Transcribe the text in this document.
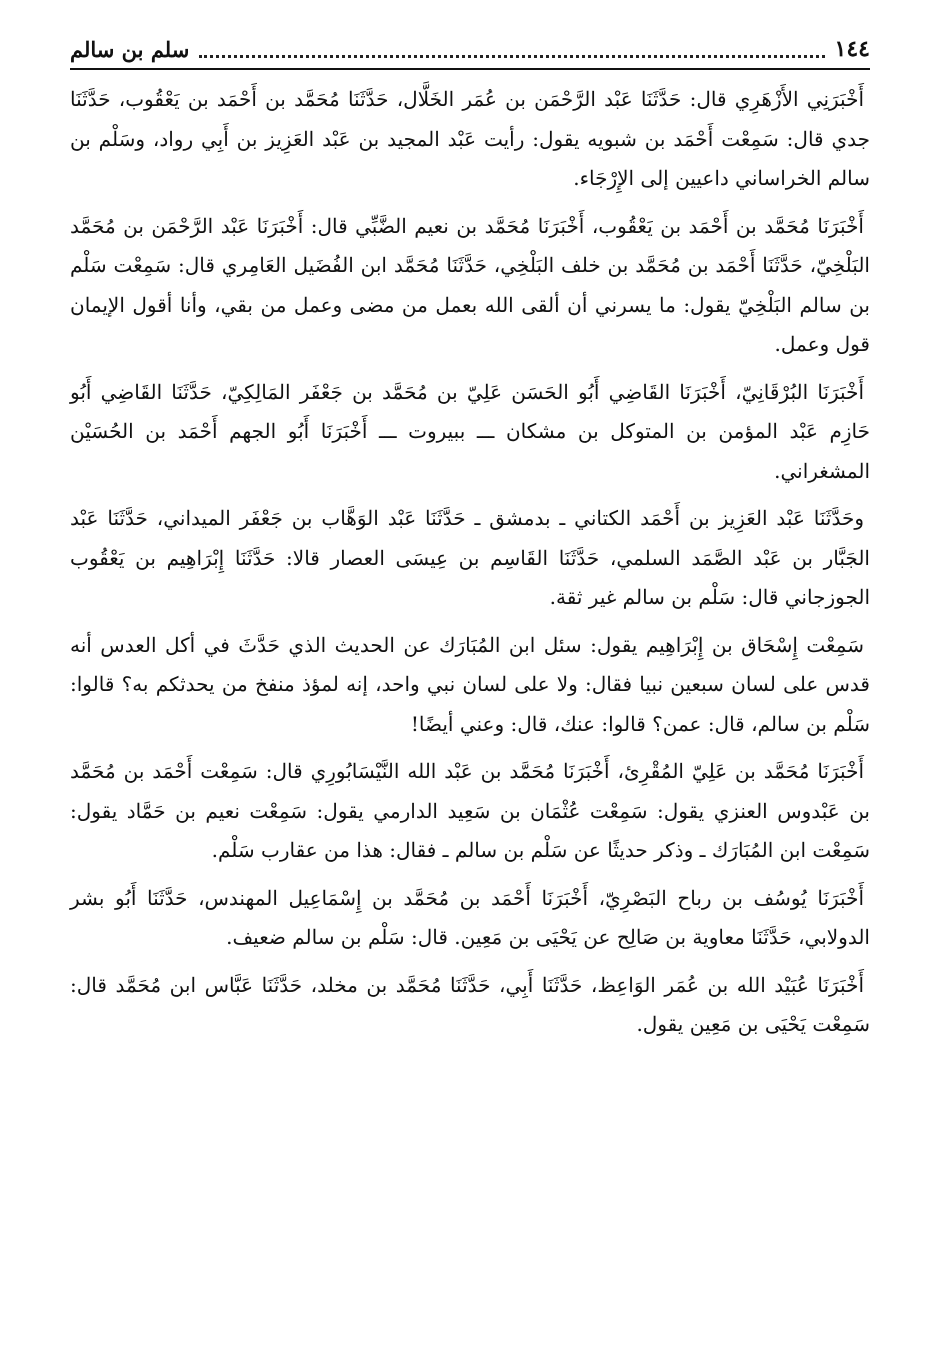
١٤٤
سلم بن سالم

أَخْبَرَنِي الأَزْهَرِي قال: حَدَّثَنَا عَبْد الرَّحْمَن بن عُمَر الخَلَّال، حَدَّثَنَا مُحَمَّد بن أَحْمَد بن يَعْقُوب، حَدَّثَنَا جدي قال: سَمِعْت أَحْمَد بن شبويه يقول: رأيت عَبْد المجيد بن عَبْد العَزِيز بن أَبِي رواد، وسَلْم بن سالم الخراساني داعيين إلى الإِرْجَاء.

أَخْبَرَنَا مُحَمَّد بن أَحْمَد بن يَعْقُوب، أَخْبَرَنَا مُحَمَّد بن نعيم الضَّبِّي قال: أَخْبَرَنَا عَبْد الرَّحْمَن بن مُحَمَّد البَلْخِيّ، حَدَّثَنَا أَحْمَد بن مُحَمَّد بن خلف البَلْخِي، حَدَّثَنَا مُحَمَّد ابن الفُضَيل العَامِري قال: سَمِعْت سَلْم بن سالم البَلْخِيّ يقول: ما يسرني أن ألقى الله بعمل من مضى وعمل من بقي، وأنا أقول الإيمان قول وعمل.

أَخْبَرَنَا البُرْقَانِيّ، أَخْبَرَنَا القَاضِي أَبُو الحَسَن عَلِيّ بن مُحَمَّد بن جَعْفَر المَالِكِيّ، حَدَّثَنَا القَاضِي أَبُو حَازِم عَبْد المؤمن بن المتوكل بن مشكان ـــ ببيروت ـــ أَخْبَرَنَا أَبُو الجهم أَحْمَد بن الحُسَيْن المشغراني.

وحَدَّثَنَا عَبْد العَزِيز بن أَحْمَد الكتاني ـ بدمشق ـ حَدَّثَنَا عَبْد الوَهَّاب بن جَعْفَر الميداني، حَدَّثَنَا عَبْد الجَبَّار بن عَبْد الصَّمَد السلمي، حَدَّثَنَا القَاسِم بن عِيسَى العصار قالا: حَدَّثَنَا إِبْرَاهِيم بن يَعْقُوب الجوزجاني قال: سَلْم بن سالم غير ثقة.

سَمِعْت إِسْحَاق بن إِبْرَاهِيم يقول: سئل ابن المُبَارَك عن الحديث الذي حَدَّثَ في أكل العدس أنه قدس على لسان سبعين نبيا فقال: ولا على لسان نبي واحد، إنه لمؤذ منفخ من يحدثكم به؟ قالوا: سَلْم بن سالم، قال: عمن؟ قالوا: عنك، قال: وعني أيضًا!

أَخْبَرَنَا مُحَمَّد بن عَلِيّ المُقْرِئ، أَخْبَرَنَا مُحَمَّد بن عَبْد الله النَّيْسَابُورِي قال: سَمِعْت أَحْمَد بن مُحَمَّد بن عَبْدوس العنزي يقول: سَمِعْت عُثْمَان بن سَعِيد الدارمي يقول: سَمِعْت نعيم بن حَمَّاد يقول: سَمِعْت ابن المُبَارَك ـ وذكر حديثًا عن سَلْم بن سالم ـ فقال: هذا من عقارب سَلْم.

أَخْبَرَنَا يُوسُف بن رباح البَصْرِيّ، أَخْبَرَنَا أَحْمَد بن مُحَمَّد بن إِسْمَاعِيل المهندس، حَدَّثَنَا أَبُو بشر الدولابي، حَدَّثَنَا معاوية بن صَالِح عن يَحْيَى بن مَعِين. قال: سَلْم بن سالم ضعيف.

أَخْبَرَنَا عُبَيْد الله بن عُمَر الوَاعِظ، حَدَّثَنَا أَبِي، حَدَّثَنَا مُحَمَّد بن مخلد، حَدَّثَنَا عَبَّاس ابن مُحَمَّد قال: سَمِعْت يَحْيَى بن مَعِين يقول.
